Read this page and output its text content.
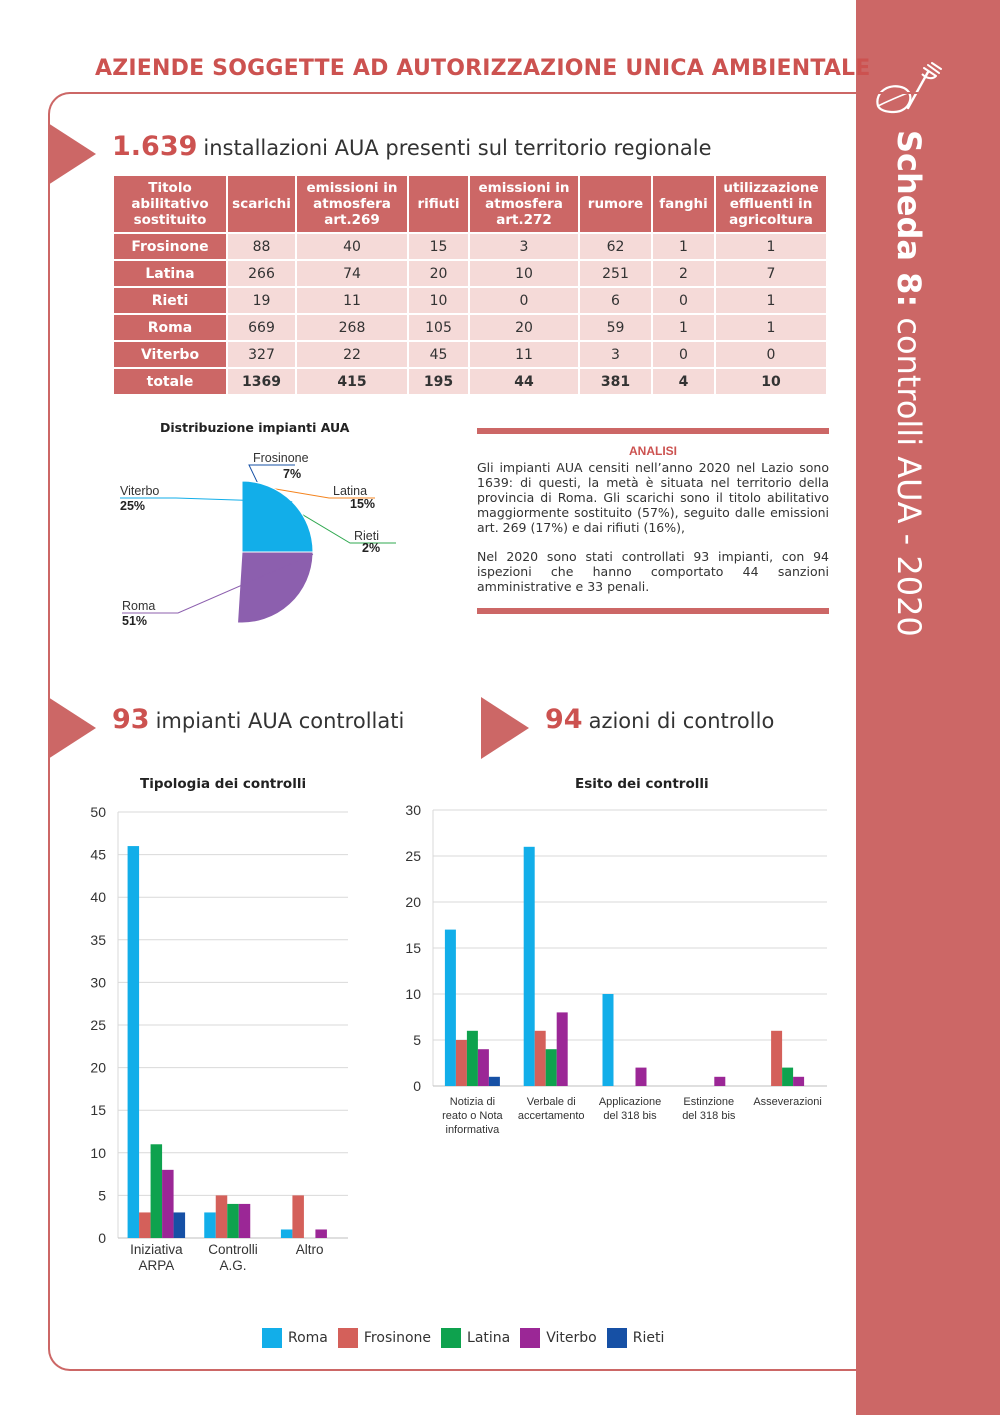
Scheda 8: controlli AUA - 2020
AZIENDE SOGGETTE AD AUTORIZZAZIONE UNICA AMBIENTALE
1.639 installazioni AUA presenti sul territorio regionale
Titolo abilitativo sostituito	scarichi	emissioni in atmosfera art.269	rifiuti	emissioni in atmosfera art.272	rumore	fanghi	utilizzazione effluenti in agricoltura
Frosinone	88	40	15	3	62	1	1
Latina	266	74	20	10	251	2	7
Rieti	19	11	10	0	6	0	1
Roma	669	268	105	20	59	1	1
Viterbo	327	22	45	11	3	0	0
totale	1369	415	195	44	381	4	10
Distribuzione impianti AUA
Frosinone
7%
Latina
15%
Rieti
2%
Roma
51%
Viterbo
25%
ANALISI

Gli impianti AUA censiti nell’anno 2020 nel Lazio sono 1639: di questi, la metà è situata nel territorio della provincia di Roma. Gli scarichi sono il titolo abilitativo maggiormente sostituito (57%), seguito dalle emissioni art. 269 (17%) e dai rifiuti (16%),

Nel 2020 sono stati controllati 93 impianti, con 94 ispezioni che hanno comportato 44 sanzioni amministrative e 33 penali.

93 impianti AUA controllati	94 azioni di controllo
Tipologia dei controlli
0
5
10
15
20
25
30
35
40
45
50
Iniziativa
ARPA
Controlli
A.G.
Altro
Esito dei controlli
0
5
10
15
20
25
30
Notizia di
reato o Nota
informativa
Verbale di
accertamento
Applicazione
del 318 bis
Estinzione
del 318 bis
Asseverazioni
Roma	Frosinone	Latina	Viterbo	Rieti
